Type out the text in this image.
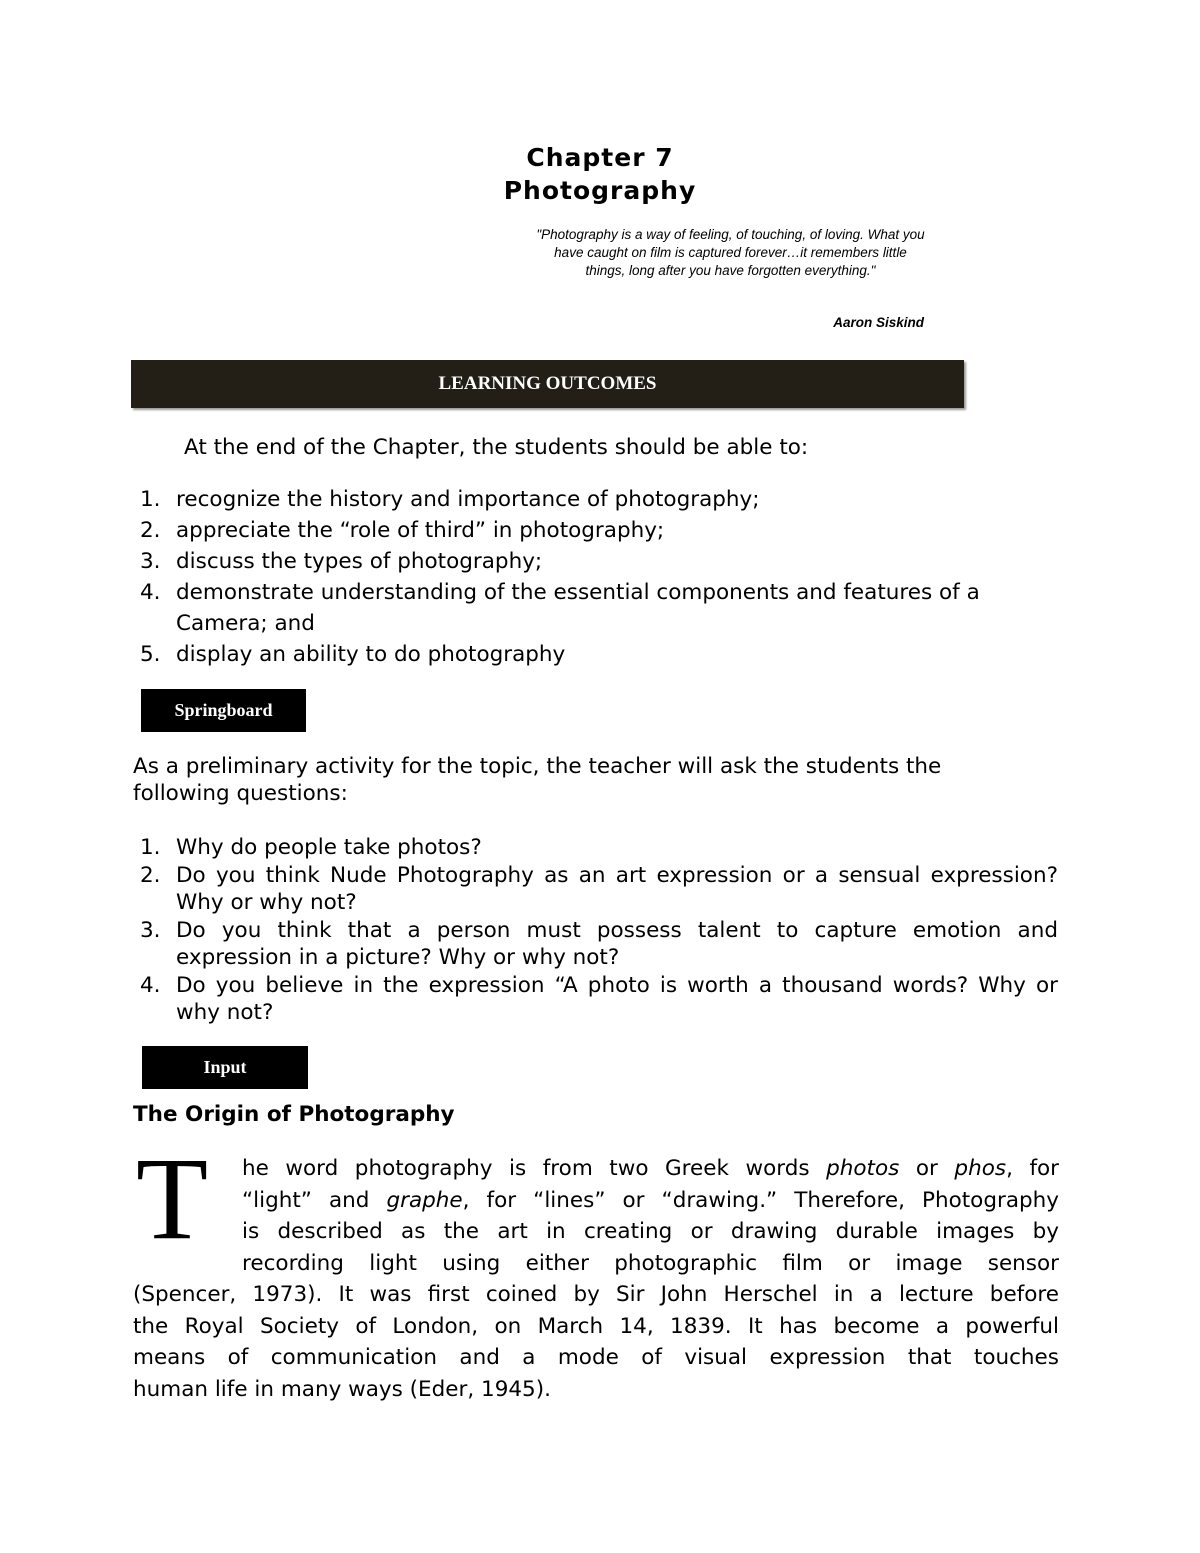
Chapter 7
Photography
"Photography is a way of feeling, of touching, of loving. What you have caught on film is captured forever…it remembers little things, long after you have forgotten everything."
Aaron Siskind
LEARNING OUTCOMES
At the end of the Chapter, the students should be able to:
1. recognize the history and importance of photography;
2. appreciate the “role of third” in photography;
3. discuss the types of photography;
4. demonstrate understanding of the essential components and features of a Camera; and
5. display an ability to do photography
Springboard
As a preliminary activity for the topic, the teacher will ask the students the following questions:
1. Why do people take photos?
2. Do you think Nude Photography as an art expression or a sensual expression? Why or why not?
3. Do you think that a person must possess talent to capture emotion and expression in a picture? Why or why not?
4. Do you believe in the expression “A photo is worth a thousand words? Why or why not?
Input
The Origin of Photography
T	he word photography is from two Greek words photos or phos, for
“light” and graphe, for “lines” or “drawing.” Therefore, Photography
is described as the art in creating or drawing durable images by
recording light using either photographic film or image sensor
(Spencer, 1973). It was first coined by Sir John Herschel in a lecture before
the Royal Society of London, on March 14, 1839. It has become a powerful
means of communication and a mode of visual expression that touches
human life in many ways (Eder, 1945).
